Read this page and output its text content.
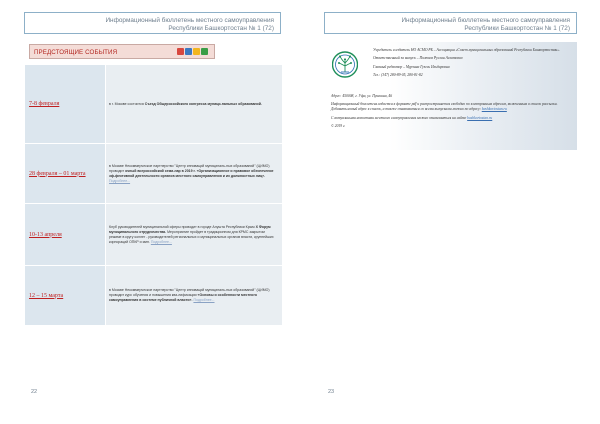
Информационный бюллетень местного самоуправления
Республики Башкортостан № 1 (72)
ПРЕДСТОЯЩИЕ СОБЫТИЯ
7-8 февраля	в г. Москве состоится Съезд Общероссийского конгресса муници-пальных образований.

28 февраля – 01 марта

в Москве Некоммерческое партнерство "Центр инноваций муниципаль-ных образований" (ЦИМО) проводит очный всероссийский семи-нар в 2019 г. «Организационное и правовое обеспечение эф-фективной деятельности органов местного самоуправления и их должностных лиц». Подробнее...

10-13 апреля

Клуб руководителей муниципальной сферы проводит в городе Алушта Республики Крым X Форум муниципального отрудничества. Мероприятие пройдет в традиционном для КРМС закрытом режиме в кругу коллег - руководителей региональных и муниципальных органов власти, крупнейших корпораций ОПКР и мин. Подробнее...

12 – 15 марта

в Москве Некоммерческое партнерство "Центр инноваций муниципаль-ных образований" (ЦИМО) проводит курс обучения и повышения ква-лификации «Основы и особенности местного самоуправления в системе публичной власти». Подробнее...

22
Информационный бюллетень местного самоуправления
Республики Башкортостан № 1 (72)
Учредитель и издатель НО АСМО РБ – Ассоциация «Совет муниципальных образований Республики Башкортостан».
Ответственный за выпуск – Полюхов Руслан Асхатович
Главный редактор – Мурзина Гузель Ильдаровна
Тел.: (347) 280-89-05, 280-81-82
Адрес: 450008, г. Уфа, ул. Пушкина, 46
Информационный бюллетень издается в формате pdf и распространяется свободно по электронным адресам, включенным в список рассылки. Добавить новый адрес в список, а также ознакомиться со всеми выпусками можно по адресу: bashkortostan.ru
С актуальными новостями местного самоуправления можно ознакомиться на сайте bashkortostan.ru
© 2019 г.
23
